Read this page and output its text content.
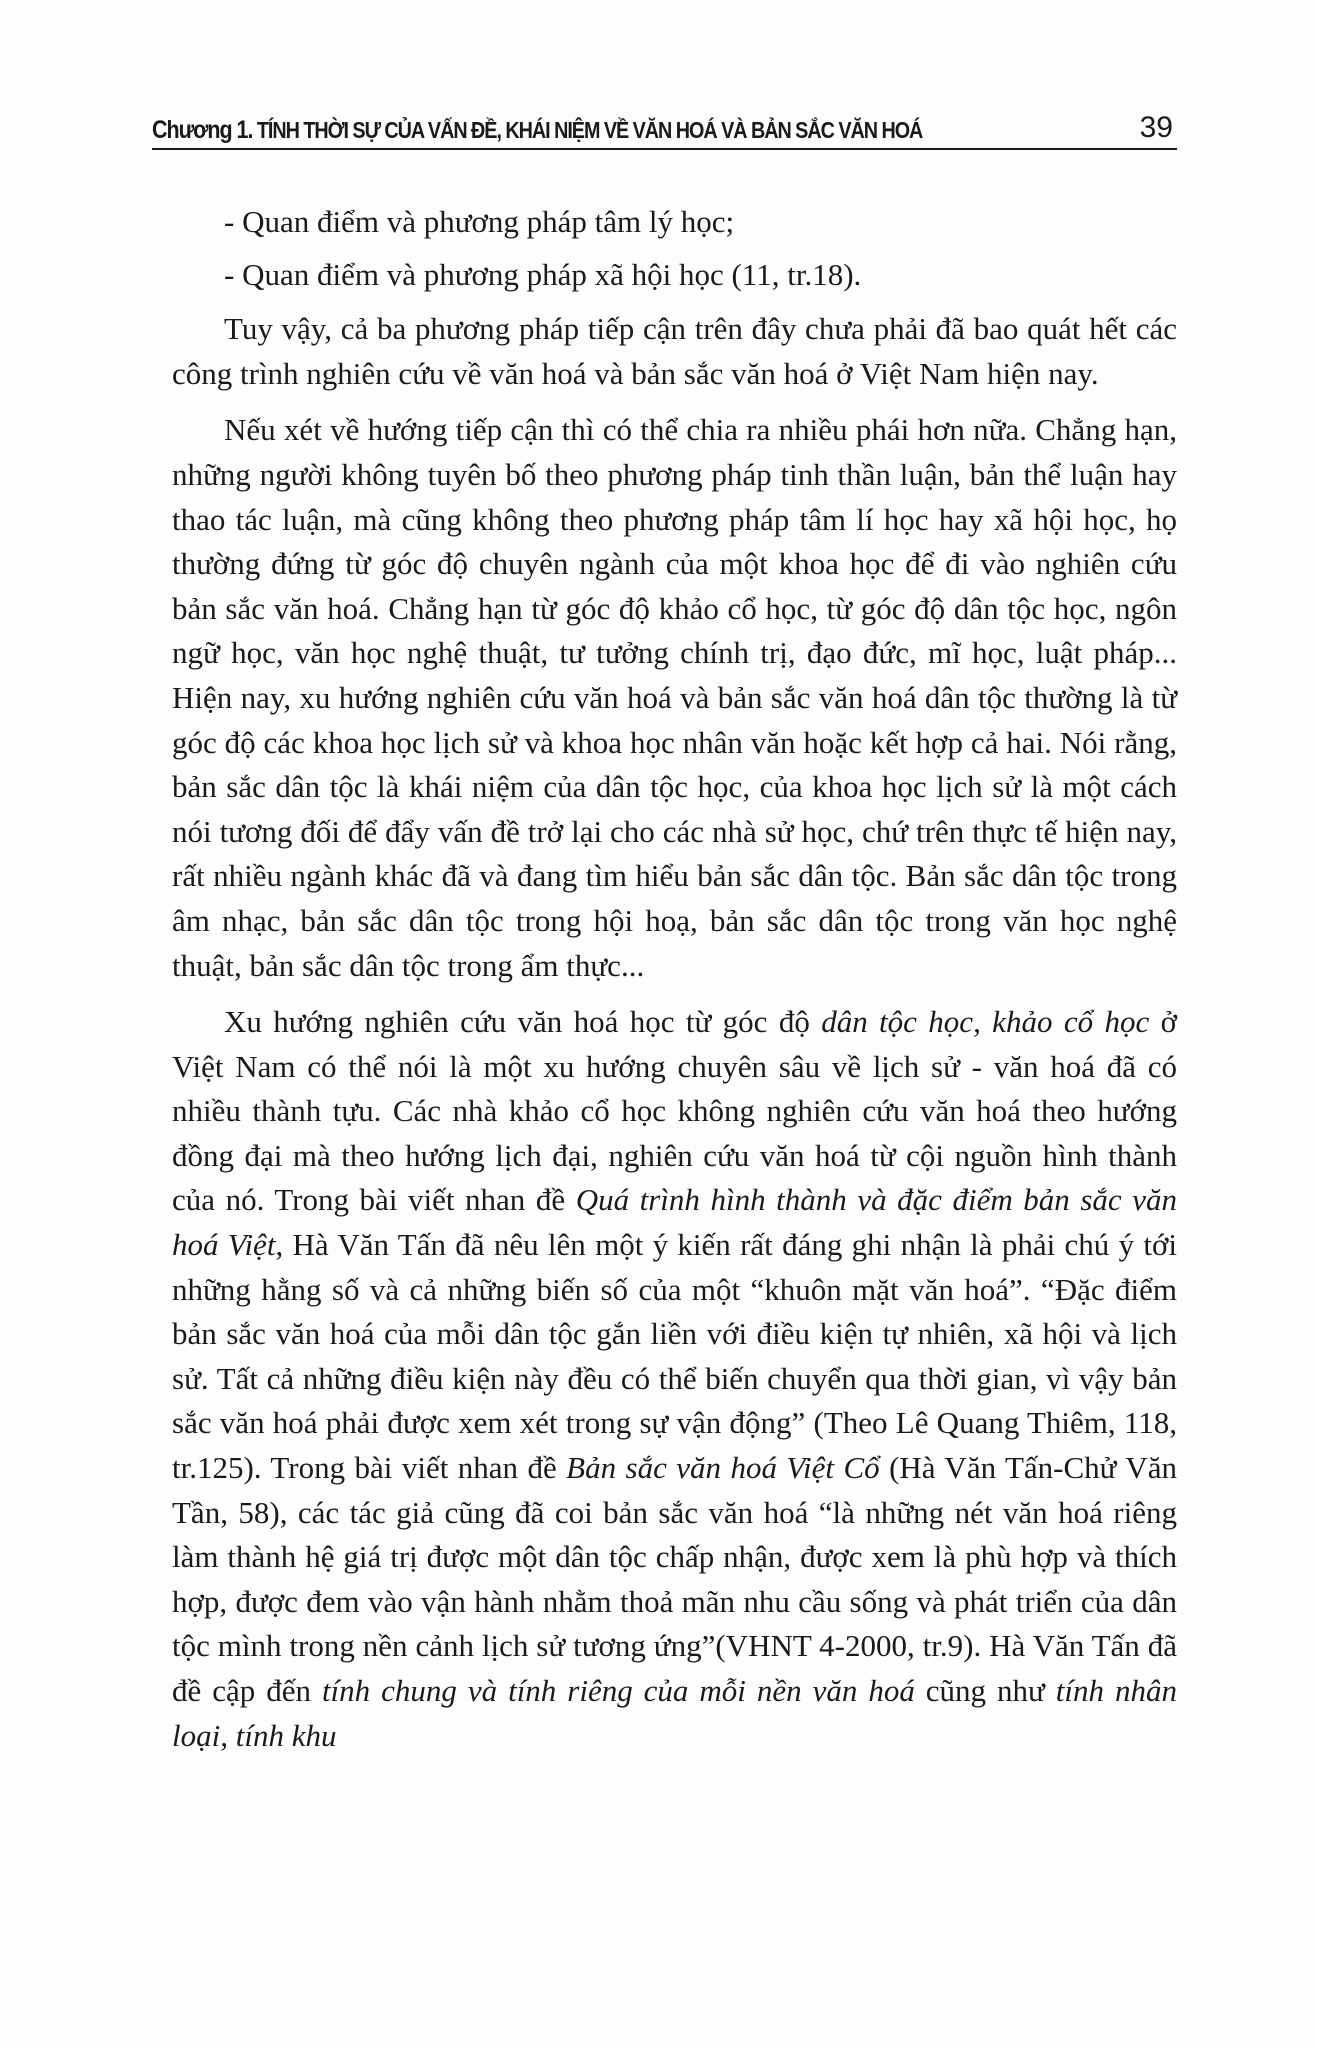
Chương 1. TÍNH THỜI SỰ CỦA VẤN ĐỀ, KHÁI NIỆM VỀ VĂN HOÁ VÀ BẢN SẮC VĂN HOÁ	39

- Quan điểm và phương pháp tâm lý học;

- Quan điểm và phương pháp xã hội học (11, tr.18).

Tuy vậy, cả ba phương pháp tiếp cận trên đây chưa phải đã bao quát hết các công trình nghiên cứu về văn hoá và bản sắc văn hoá ở Việt Nam hiện nay.

Nếu xét về hướng tiếp cận thì có thể chia ra nhiều phái hơn nữa. Chẳng hạn, những người không tuyên bố theo phương pháp tinh thần luận, bản thể luận hay thao tác luận, mà cũng không theo phương pháp tâm lí học hay xã hội học, họ thường đứng từ góc độ chuyên ngành của một khoa học để đi vào nghiên cứu bản sắc văn hoá. Chẳng hạn từ góc độ khảo cổ học, từ góc độ dân tộc học, ngôn ngữ học, văn học nghệ thuật, tư tưởng chính trị, đạo đức, mĩ học, luật pháp... Hiện nay, xu hướng nghiên cứu văn hoá và bản sắc văn hoá dân tộc thường là từ góc độ các khoa học lịch sử và khoa học nhân văn hoặc kết hợp cả hai. Nói rằng, bản sắc dân tộc là khái niệm của dân tộc học, của khoa học lịch sử là một cách nói tương đối để đẩy vấn đề trở lại cho các nhà sử học, chứ trên thực tế hiện nay, rất nhiều ngành khác đã và đang tìm hiểu bản sắc dân tộc. Bản sắc dân tộc trong âm nhạc, bản sắc dân tộc trong hội hoạ, bản sắc dân tộc trong văn học nghệ thuật, bản sắc dân tộc trong ẩm thực...

Xu hướng nghiên cứu văn hoá học từ góc độ dân tộc học, khảo cổ học ở Việt Nam có thể nói là một xu hướng chuyên sâu về lịch sử - văn hoá đã có nhiều thành tựu. Các nhà khảo cổ học không nghiên cứu văn hoá theo hướng đồng đại mà theo hướng lịch đại, nghiên cứu văn hoá từ cội nguồn hình thành của nó. Trong bài viết nhan đề Quá trình hình thành và đặc điểm bản sắc văn hoá Việt, Hà Văn Tấn đã nêu lên một ý kiến rất đáng ghi nhận là phải chú ý tới những hằng số và cả những biến số của một “khuôn mặt văn hoá”. “Đặc điểm bản sắc văn hoá của mỗi dân tộc gắn liền với điều kiện tự nhiên, xã hội và lịch sử. Tất cả những điều kiện này đều có thể biến chuyển qua thời gian, vì vậy bản sắc văn hoá phải được xem xét trong sự vận động” (Theo Lê Quang Thiêm, 118, tr.125). Trong bài viết nhan đề Bản sắc văn hoá Việt Cổ (Hà Văn Tấn-Chử Văn Tần, 58), các tác giả cũng đã coi bản sắc văn hoá “là những nét văn hoá riêng làm thành hệ giá trị được một dân tộc chấp nhận, được xem là phù hợp và thích hợp, được đem vào vận hành nhằm thoả mãn nhu cầu sống và phát triển của dân tộc mình trong nền cảnh lịch sử tương ứng”(VHNT 4-2000, tr.9). Hà Văn Tấn đã đề cập đến tính chung và tính riêng của mỗi nền văn hoá cũng như tính nhân loại, tính khu
